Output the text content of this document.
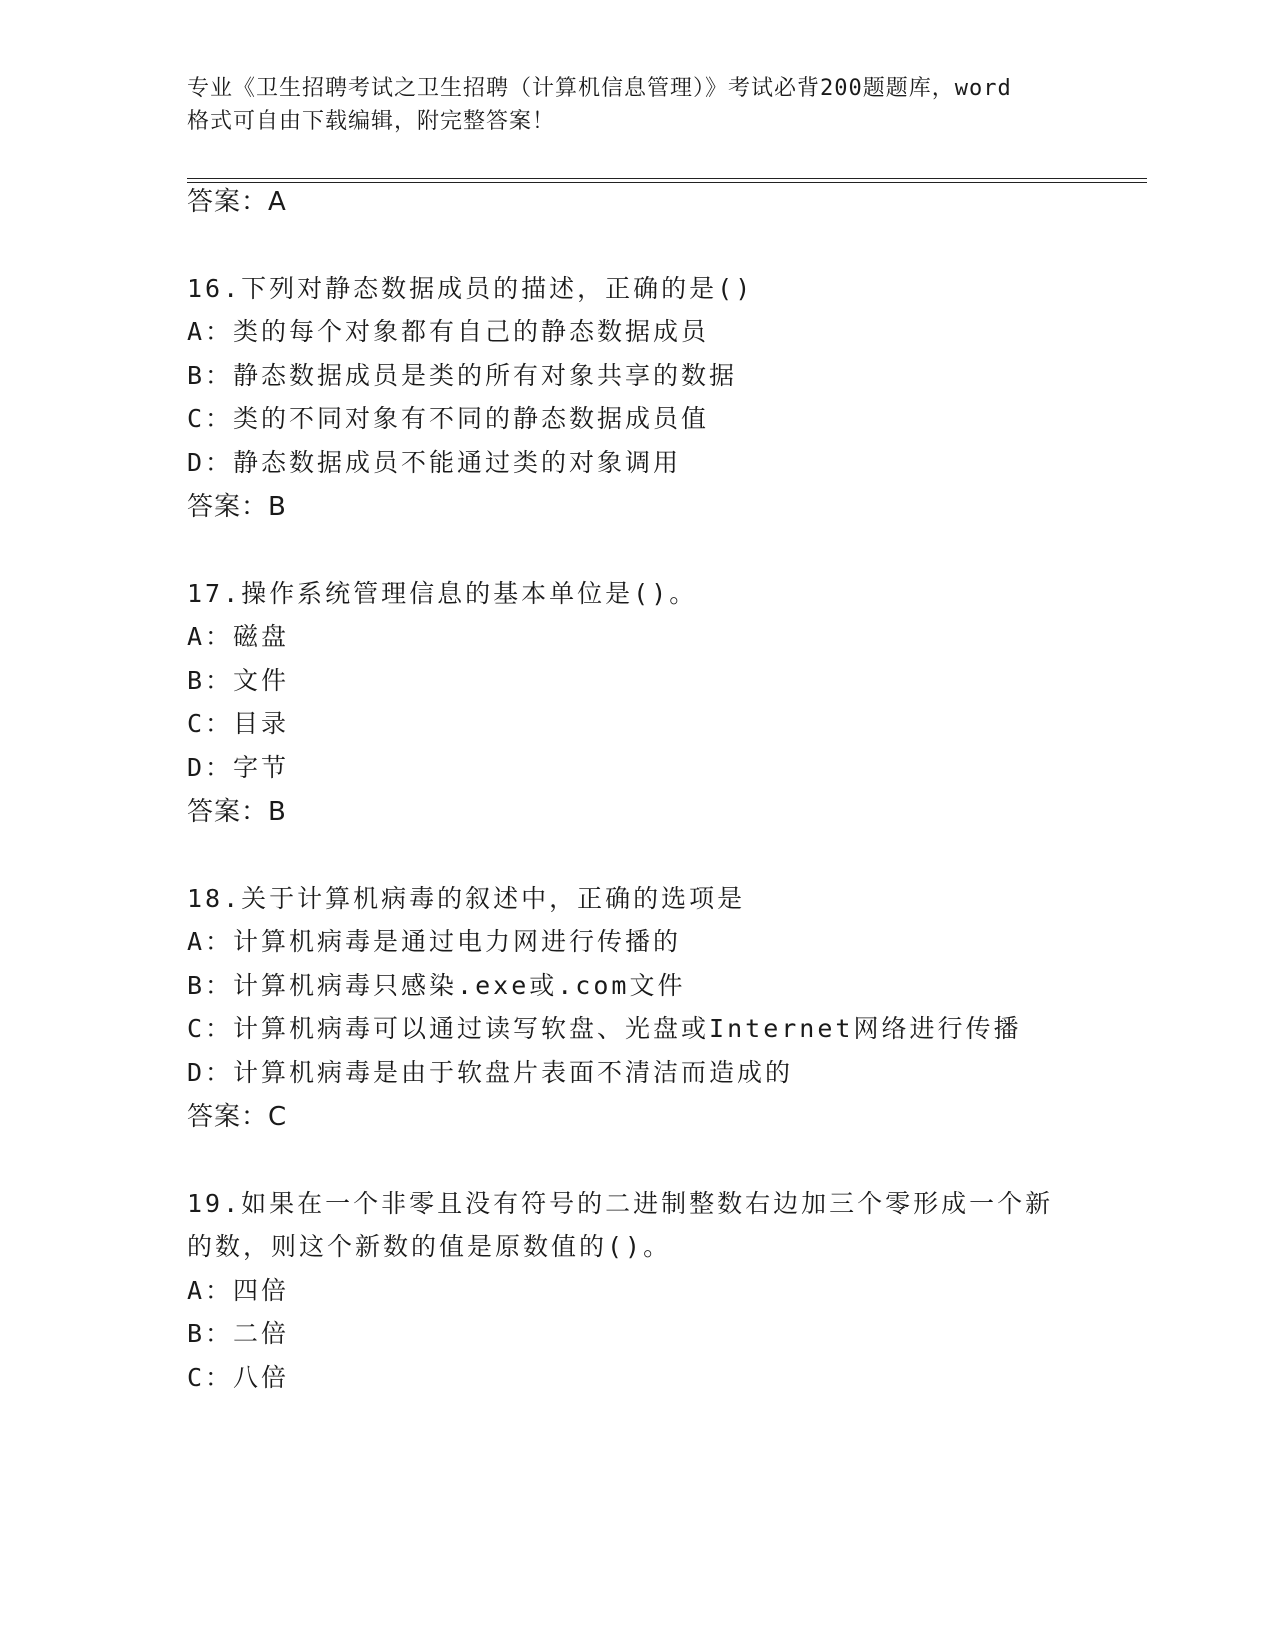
专业《卫生招聘考试之卫生招聘（计算机信息管理）》考试必背200题题库，word
格式可自由下载编辑，附完整答案！
答案：A
16.下列对静态数据成员的描述，正确的是()
A：类的每个对象都有自己的静态数据成员
B：静态数据成员是类的所有对象共享的数据
C：类的不同对象有不同的静态数据成员值
D：静态数据成员不能通过类的对象调用
答案：B
17.操作系统管理信息的基本单位是()。
A：磁盘
B：文件
C：目录
D：字节
答案：B
18.关于计算机病毒的叙述中，正确的选项是
A：计算机病毒是通过电力网进行传播的
B：计算机病毒只感染.exe或.com文件
C：计算机病毒可以通过读写软盘、光盘或Internet网络进行传播
D：计算机病毒是由于软盘片表面不清洁而造成的
答案：C
19.如果在一个非零且没有符号的二进制整数右边加三个零形成一个新
的数，则这个新数的值是原数值的()。
A：四倍
B：二倍
C：八倍
